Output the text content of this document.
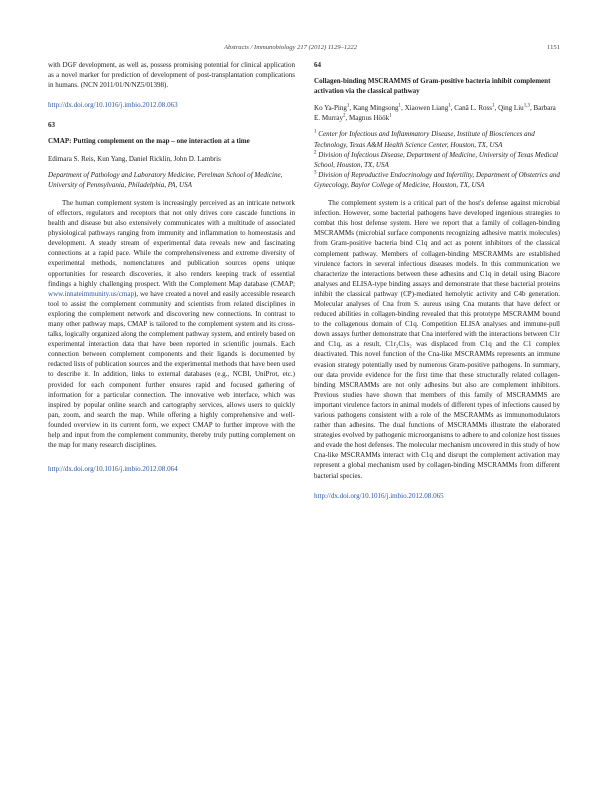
Abstracts / Immunobiology 217 (2012) 1129–1222	1151

with DGF development, as well as, possess promising potential for clinical application as a novel marker for prediction of development of post-transplantation complications in humans. (NCN 2011/01/N/NZ5/01398).

http://dx.doi.org/10.1016/j.imbio.2012.08.063

63

CMAP: Putting complement on the map – one interaction at a time

Edimara S. Reis, Kun Yang, Daniel Ricklin, John D. Lambris

Department of Pathology and Laboratory Medicine, Perelman School of Medicine, University of Pennsylvania, Philadelphia, PA, USA

The human complement system is increasingly perceived as an intricate network of effectors, regulators and receptors that not only drives core cascade functions in health and disease but also extensively communicates with a multitude of associated physiological pathways ranging from immunity and inflammation to homeostasis and development. A steady stream of experimental data reveals new and fascinating connections at a rapid pace. While the comprehensiveness and extreme diversity of experimental methods, nomenclatures and publication sources opens unique opportunities for research discoveries, it also renders keeping track of essential findings a highly challenging prospect. With the Complement Map database (CMAP; www.innateimmunity.us/cmap), we have created a novel and easily accessible research tool to assist the complement community and scientists from related disciplines in exploring the complement network and discovering new connections. In contrast to many other pathway maps, CMAP is tailored to the complement system and its cross-talks, logically organized along the complement pathway system, and entirely based on experimental interaction data that have been reported in scientific journals. Each connection between complement components and their ligands is documented by redacted lists of publication sources and the experimental methods that have been used to describe it. In addition, links to external databases (e.g., NCBI, UniProt, etc.) provided for each component further ensures rapid and focused gathering of information for a particular connection. The innovative web interface, which was inspired by popular online search and cartography services, allows users to quickly pan, zoom, and search the map. While offering a highly comprehensive and well-founded overview in its current form, we expect CMAP to further improve with the help and input from the complement community, thereby truly putting complement on the map for many research disciplines.

http://dx.doi.org/10.1016/j.imbio.2012.08.064

64

Collagen-binding MSCRAMMS of Gram-positive bacteria inhibit complement activation via the classical pathway

Ko Ya-Ping$^1$, Kang Mingsong$^1$, Xiaowen Liang$^1$, Canã L. Ross$^1$, Qing Liu$^{1,3}$, Barbara E. Murray$^2$, Magnus Höök$^1$

$^1$ Center for Infectious and Inflammatory Disease, Institute of Biosciences and Technology, Texas A&M Health Science Center, Houston, TX, USA

$^2$ Division of Infectious Disease, Department of Medicine, University of Texas Medical School, Houston, TX, USA

$^3$ Division of Reproductive Endocrinology and Infertility, Department of Obstetrics and Gynecology, Baylor College of Medicine, Houston, TX, USA

The complement system is a critical part of the host's defense against microbial infection. However, some bacterial pathogens have developed ingenious strategies to combat this host defense system. Here we report that a family of collagen-binding MSCRAMMs (microbial surface components recognizing adhesive matrix molecules) from Gram-positive bacteria bind C1q and act as potent inhibitors of the classical complement pathway. Members of collagen-binding MSCRAMMs are established virulence factors in several infectious diseases models. In this communication we characterize the interactions between these adhesins and C1q in detail using Biacore analyses and ELISA-type binding assays and demonstrate that these bacterial proteins inhibit the classical pathway (CP)-mediated hemolytic activity and C4b generation. Molecular analyses of Cna from S. aureus using Cna mutants that have defect or reduced abilities in collagen-binding revealed that this prototype MSCRAMM bound to the collagenous domain of C1q. Competition ELISA analyses and immune-pull down assays further demonstrate that Cna interfered with the interactions between C1r and C1q, as a result, C1r₂C1s₂ was displaced from C1q and the C1 complex deactivated. This novel function of the Cna-like MSCRAMMs represents an immune evasion strategy potentially used by numerous Gram-positive pathogens. In summary, our data provide evidence for the first time that these structurally related collagen-binding MSCRAMMs are not only adhesins but also are complement inhibitors. Previous studies have shown that members of this family of MSCRAMMS are important virulence factors in animal models of different types of infections caused by various pathogens consistent with a role of the MSCRAMMs as immunomodulators rather than adhesins. The dual functions of MSCRAMMs illustrate the elaborated strategies evolved by pathogenic microorganisms to adhere to and colonize host tissues and evade the host defenses. The molecular mechanism uncovered in this study of how Cna-like MSCRAMMs interact with C1q and disrupt the complement activation may represent a global mechanism used by collagen-binding MSCRAMMs from different bacterial species.

http://dx.doi.org/10.1016/j.imbio.2012.08.065
